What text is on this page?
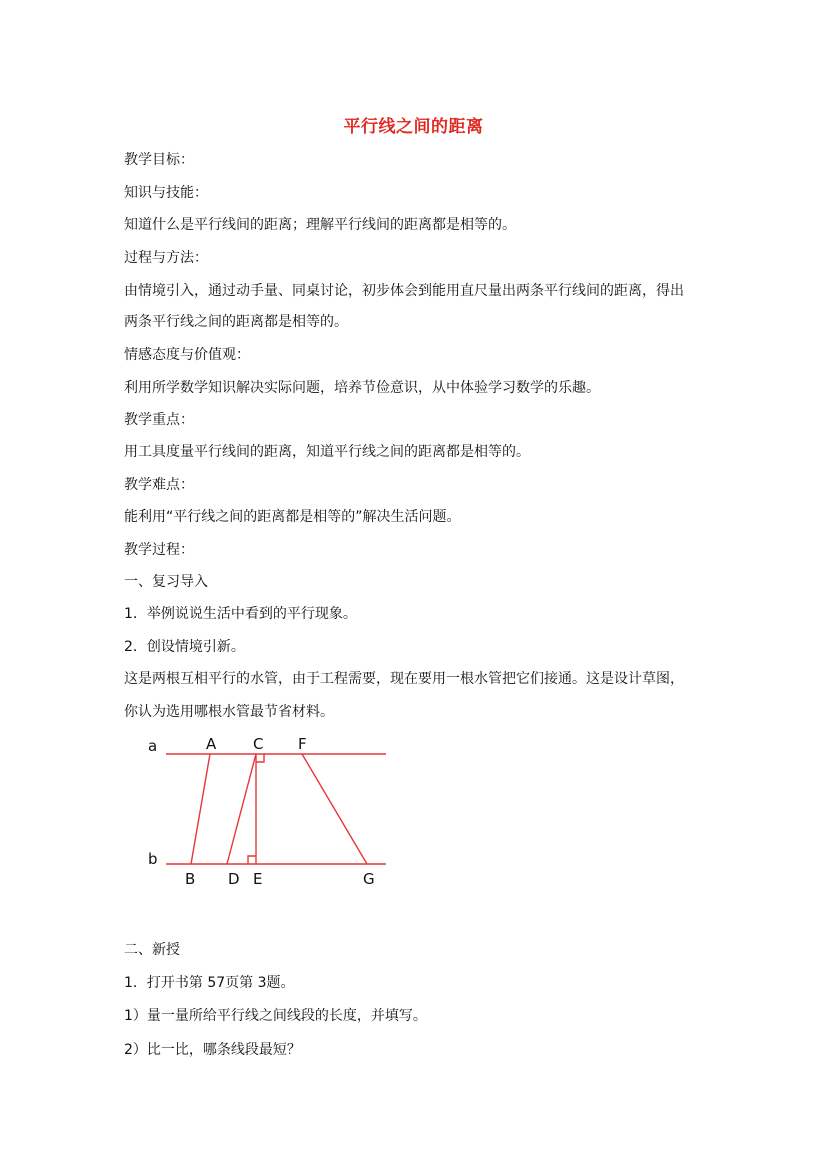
平行线之间的距离
教学目标：
知识与技能：
知道什么是平行线间的距离；理解平行线间的距离都是相等的。
过程与方法：
由情境引入，通过动手量、同桌讨论，初步体会到能用直尺量出两条平行线间的距离，得出
两条平行线之间的距离都是相等的。
情感态度与价值观：
利用所学数学知识解决实际问题，培养节俭意识，从中体验学习数学的乐趣。
教学重点：
用工具度量平行线间的距离，知道平行线之间的距离都是相等的。
教学难点：
能利用“平行线之间的距离都是相等的”解决生活问题。
教学过程：
一、复习导入
1．举例说说生活中看到的平行现象。
2．创设情境引新。
这是两根互相平行的水管，由于工程需要，现在要用一根水管把它们接通。这是设计草图，
你认为选用哪根水管最节省材料。
a
b
A C F
B D E	G
二、新授
1．打开书第 57页第 3题。
1）量一量所给平行线之间线段的长度，并填写。
2）比一比，哪条线段最短？
